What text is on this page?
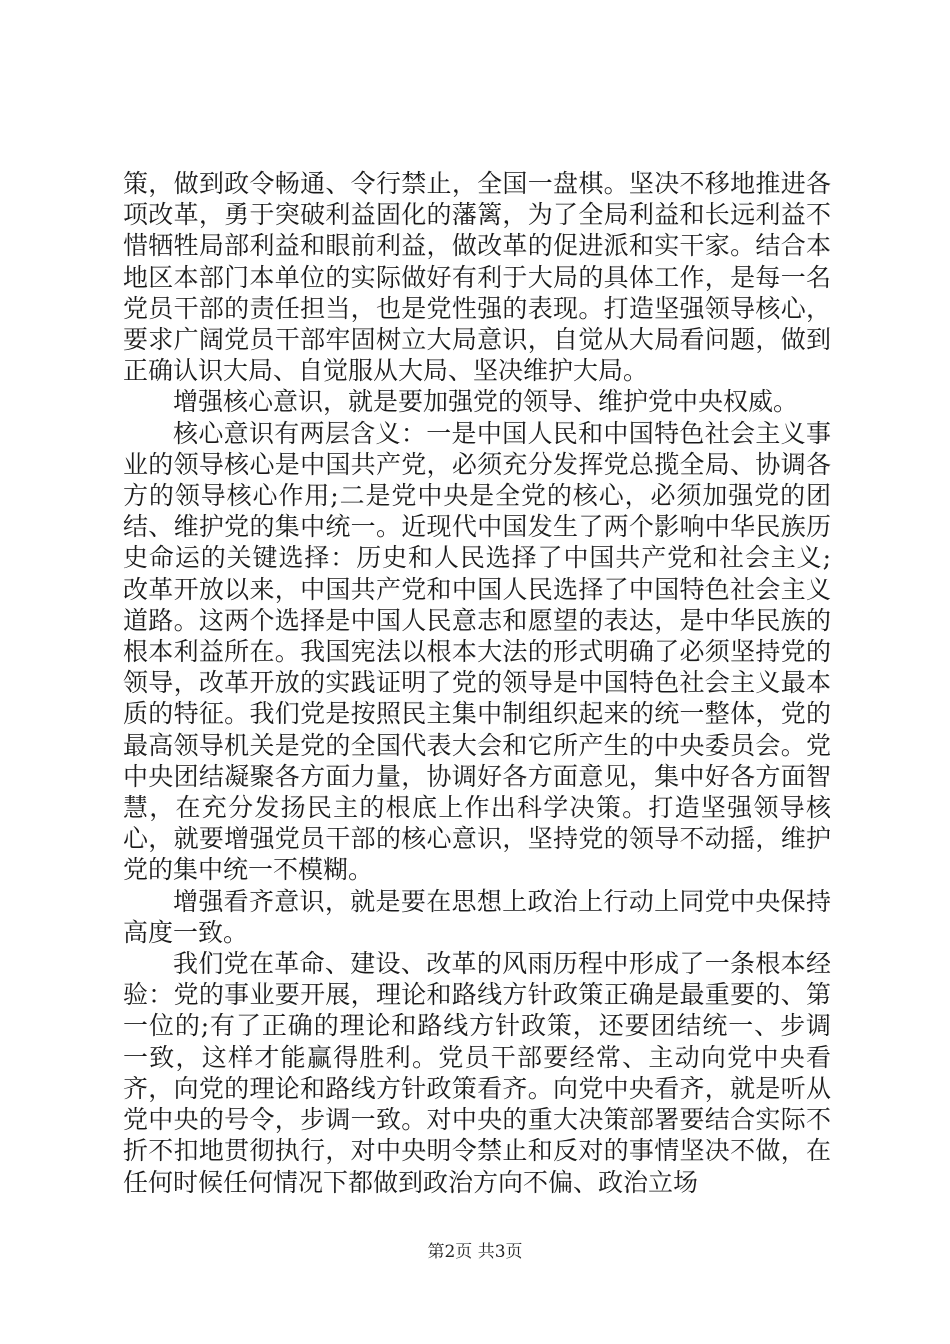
策，做到政令畅通、令行禁止，全国一盘棋。坚决不移地推进各项改革，勇于突破利益固化的藩篱，为了全局利益和长远利益不惜牺牲局部利益和眼前利益，做改革的促进派和实干家。结合本地区本部门本单位的实际做好有利于大局的具体工作，是每一名党员干部的责任担当，也是党性强的表现。打造坚强领导核心，要求广阔党员干部牢固树立大局意识，自觉从大局看问题，做到正确认识大局、自觉服从大局、坚决维护大局。

增强核心意识，就是要加强党的领导、维护党中央权威。

核心意识有两层含义：一是中国人民和中国特色社会主义事业的领导核心是中国共产党，必须充分发挥党总揽全局、协调各方的领导核心作用;二是党中央是全党的核心，必须加强党的团结、维护党的集中统一。近现代中国发生了两个影响中华民族历史命运的关键选择：历史和人民选择了中国共产党和社会主义;改革开放以来，中国共产党和中国人民选择了中国特色社会主义道路。这两个选择是中国人民意志和愿望的表达，是中华民族的根本利益所在。我国宪法以根本大法的形式明确了必须坚持党的领导，改革开放的实践证明了党的领导是中国特色社会主义最本质的特征。我们党是按照民主集中制组织起来的统一整体，党的最高领导机关是党的全国代表大会和它所产生的中央委员会。党中央团结凝聚各方面力量，协调好各方面意见，集中好各方面智慧，在充分发扬民主的根底上作出科学决策。打造坚强领导核心，就要增强党员干部的核心意识，坚持党的领导不动摇，维护党的集中统一不模糊。

增强看齐意识，就是要在思想上政治上行动上同党中央保持高度一致。

我们党在革命、建设、改革的风雨历程中形成了一条根本经验：党的事业要开展，理论和路线方针政策正确是最重要的、第一位的;有了正确的理论和路线方针政策，还要团结统一、步调一致，这样才能赢得胜利。党员干部要经常、主动向党中央看齐，向党的理论和路线方针政策看齐。向党中央看齐，就是听从党中央的号令，步调一致。对中央的重大决策部署要结合实际不折不扣地贯彻执行，对中央明令禁止和反对的事情坚决不做，在任何时候任何情况下都做到政治方向不偏、政治立场

第2页 共3页
